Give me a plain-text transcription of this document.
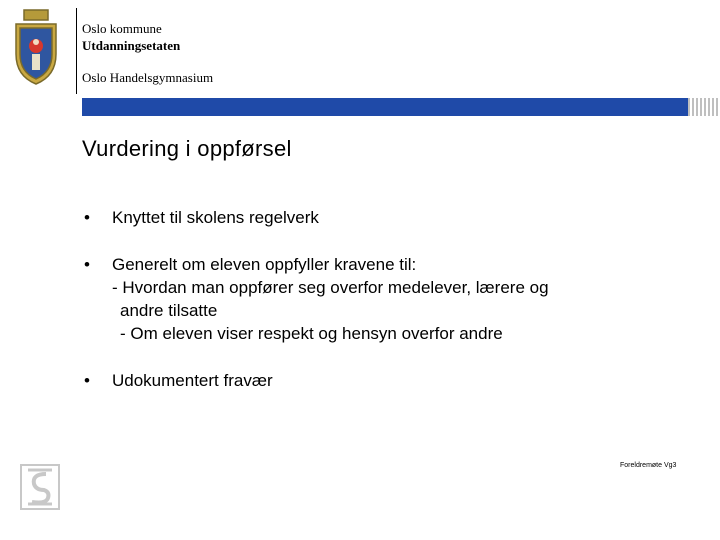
Oslo kommune
Utdanningsetaten
Oslo Handelsgymnasium
Vurdering i oppførsel
• Knyttet til skolens regelverk
• Generelt om eleven oppfyller kravene til:
- Hvordan man oppfører seg overfor medelever, lærere og
andre tilsatte
- Om eleven viser respekt og hensyn overfor andre
• Udokumentert fravær
Foreldremøte Vg3
